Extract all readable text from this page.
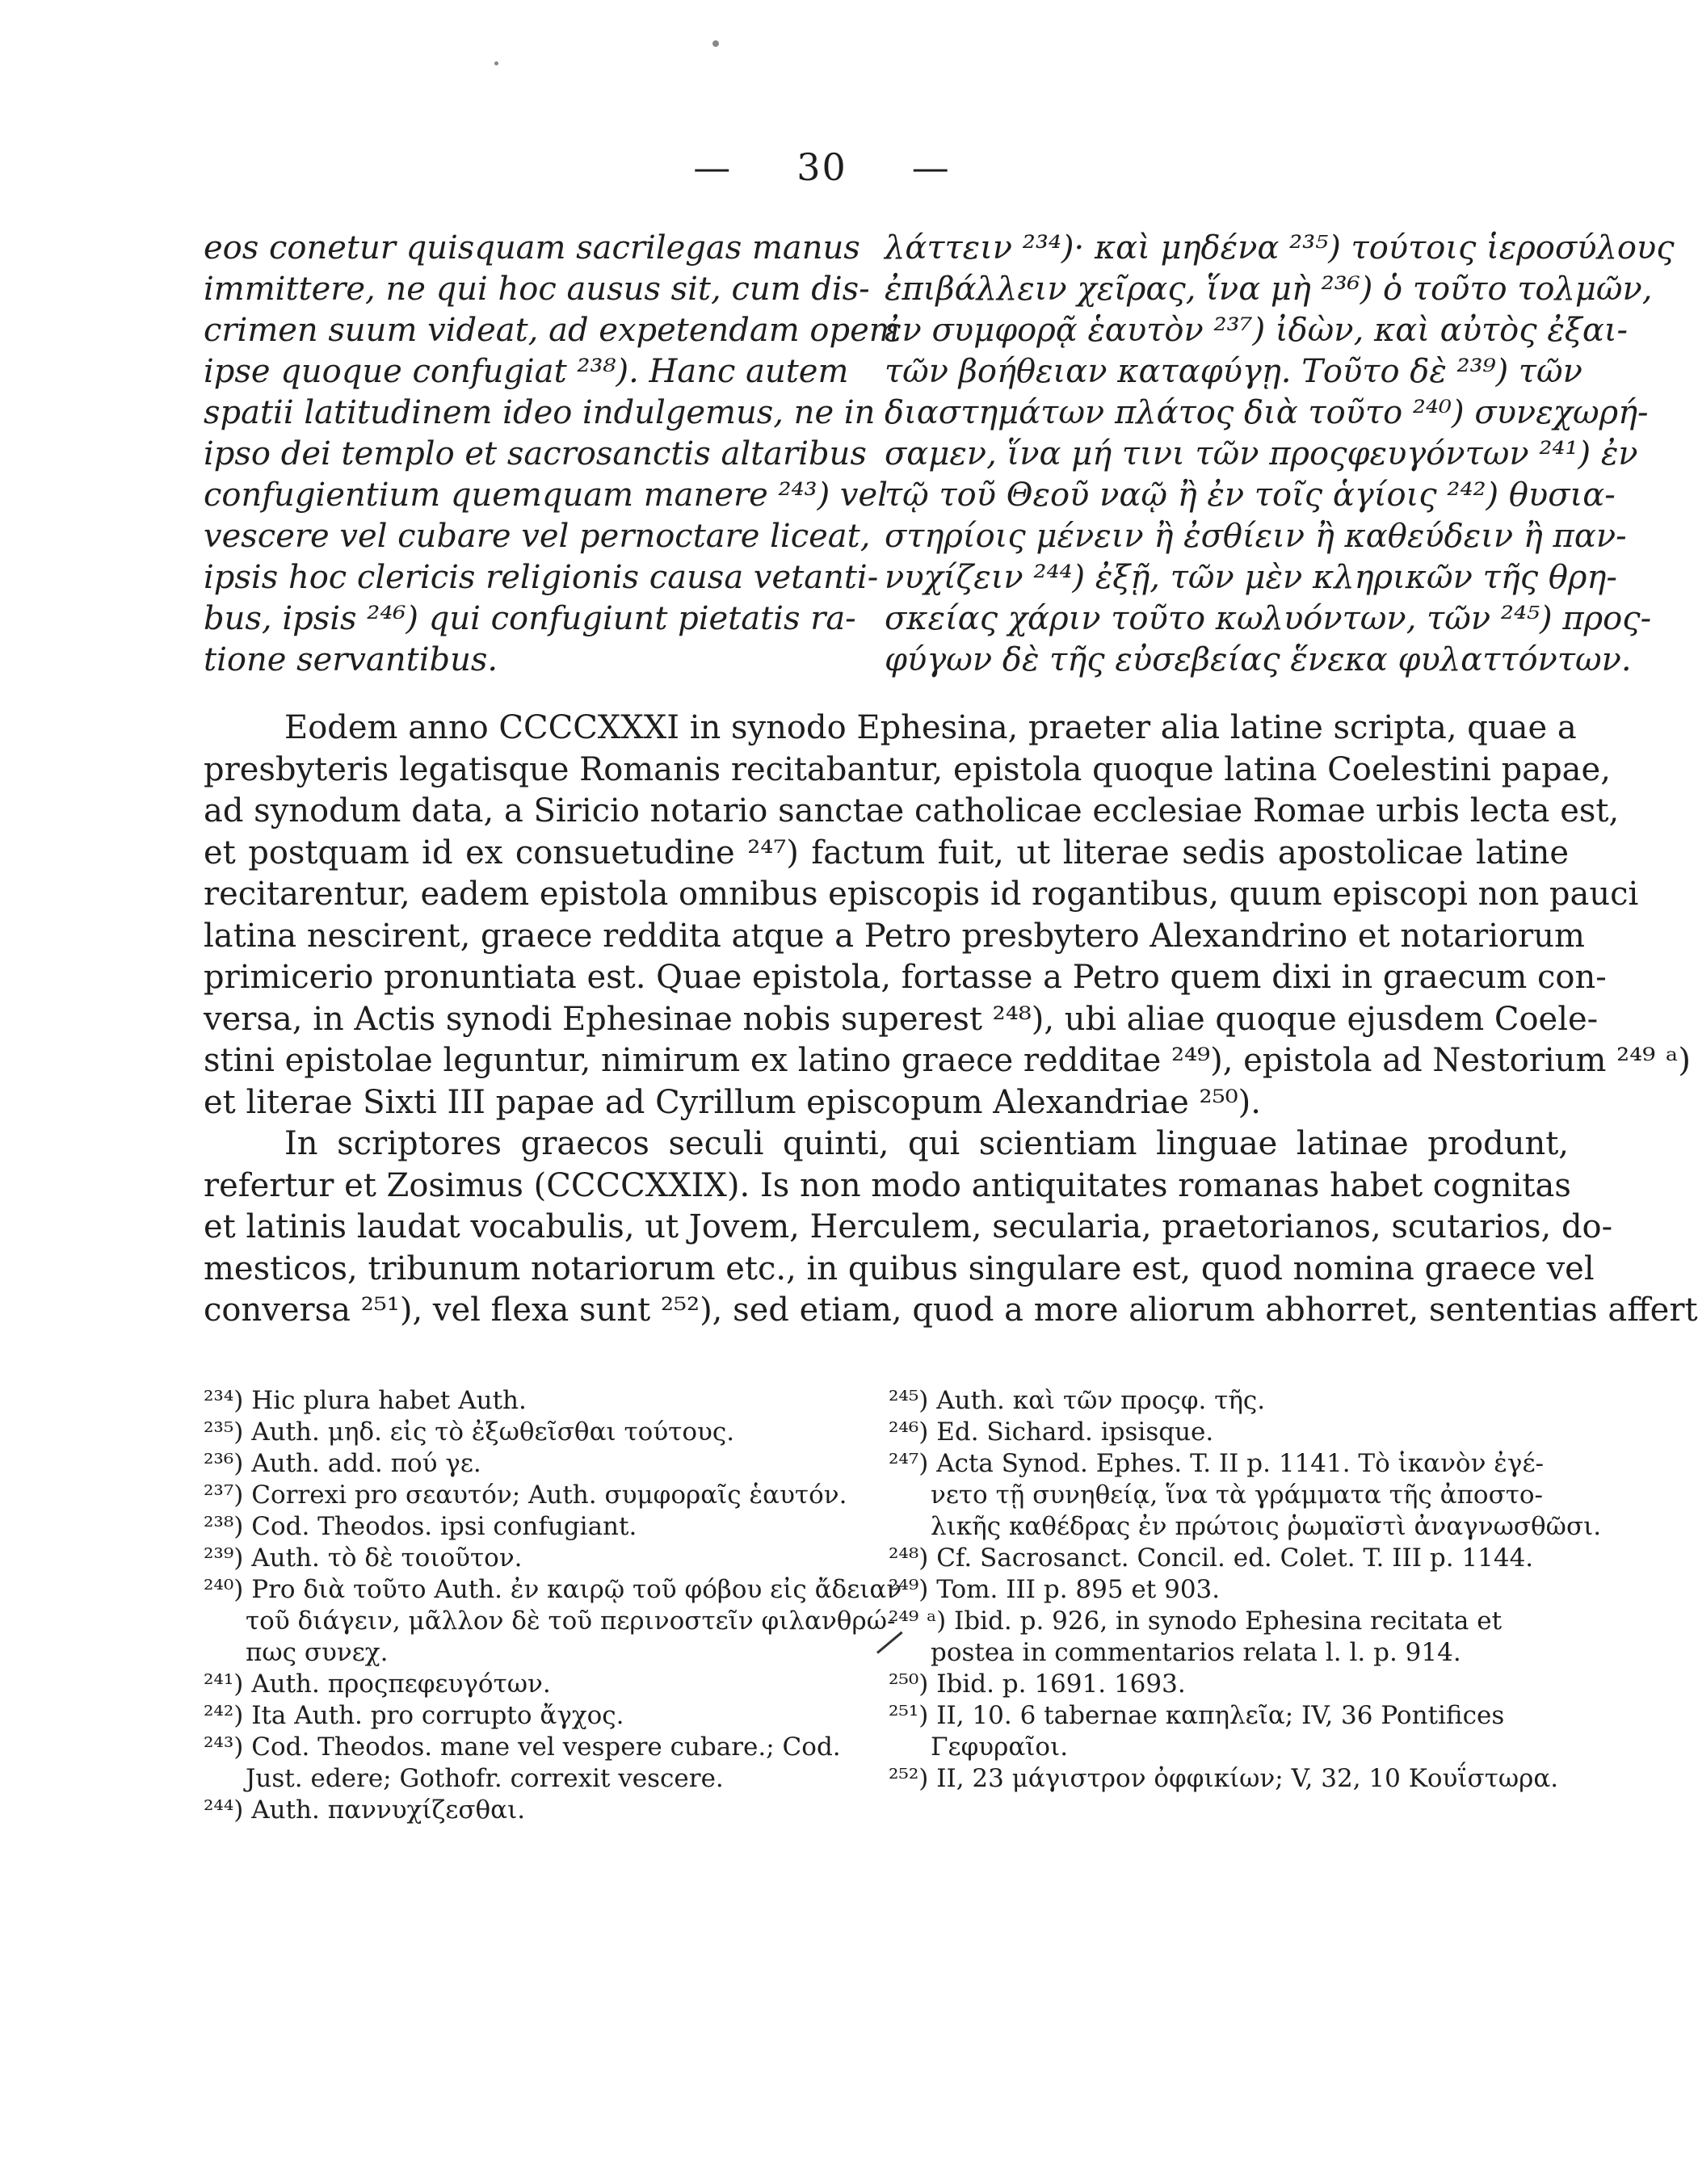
— 30 —
eos conetur quisquam sacrilegas manus
immittere, ne qui hoc ausus sit, cum dis-
crimen suum videat, ad expetendam opem
ipse quoque confugiat ²³⁸). Hanc autem
spatii latitudinem ideo indulgemus, ne in
ipso dei templo et sacrosanctis altaribus
confugientium quemquam manere ²⁴³) vel
vescere vel cubare vel pernoctare liceat,
ipsis hoc clericis religionis causa vetanti-
bus, ipsis ²⁴⁶) qui confugiunt pietatis ra-
tione servantibus.
λάττειν ²³⁴)· καὶ μηδένα ²³⁵) τούτοις ἱεροσύλους
ἐπιβάλλειν χεῖρας, ἵνα μὴ ²³⁶) ὁ τοῦτο τολμῶν,
ἐν συμφορᾷ ἑαυτὸν ²³⁷) ἰδὼν, καὶ αὐτὸς ἐξαι-
τῶν βοήθειαν καταφύγῃ. Τοῦτο δὲ ²³⁹) τῶν
διαστημάτων πλάτος διὰ τοῦτο ²⁴⁰) συνεχωρή-
σαμεν, ἵνα μή τινι τῶν προςφευγόντων ²⁴¹) ἐν
τῷ τοῦ Θεοῦ ναῷ ἢ ἐν τοῖς ἁγίοις ²⁴²) θυσια-
στηρίοις μένειν ἢ ἐσθίειν ἢ καθεύδειν ἢ παν-
νυχίζειν ²⁴⁴) ἐξῇ, τῶν μὲν κληρικῶν τῆς θρη-
σκείας χάριν τοῦτο κωλυόντων, τῶν ²⁴⁵) προς-
φύγων δὲ τῆς εὐσεβείας ἕνεκα φυλαττόντων.
Eodem anno CCCCXXXI in synodo Ephesina, praeter alia latine scripta, quae a
presbyteris legatisque Romanis recitabantur, epistola quoque latina Coelestini papae,
ad synodum data, a Siricio notario sanctae catholicae ecclesiae Romae urbis lecta est,
et postquam id ex consuetudine ²⁴⁷) factum fuit, ut literae sedis apostolicae latine
recitarentur, eadem epistola omnibus episcopis id rogantibus, quum episcopi non pauci
latina nescirent, graece reddita atque a Petro presbytero Alexandrino et notariorum
primicerio pronuntiata est. Quae epistola, fortasse a Petro quem dixi in graecum con-
versa, in Actis synodi Ephesinae nobis superest ²⁴⁸), ubi aliae quoque ejusdem Coele-
stini epistolae leguntur, nimirum ex latino graece redditae ²⁴⁹), epistola ad Nestorium ²⁴⁹ ᵃ)
et literae Sixti III papae ad Cyrillum episcopum Alexandriae ²⁵⁰).
In scriptores graecos seculi quinti, qui scientiam linguae latinae produnt,
refertur et Zosimus (CCCCXXIX). Is non modo antiquitates romanas habet cognitas
et latinis laudat vocabulis, ut Jovem, Herculem, secularia, praetorianos, scutarios, do-
mesticos, tribunum notariorum etc., in quibus singulare est, quod nomina graece vel
conversa ²⁵¹), vel flexa sunt ²⁵²), sed etiam, quod a more aliorum abhorret, sententias affert
²³⁴) Hic plura habet Auth.
²³⁵) Auth. μηδ. εἰς τὸ ἐξωθεῖσθαι τούτους.
²³⁶) Auth. add. πού γε.
²³⁷) Correxi pro σεαυτόν; Auth. συμφοραῖς ἑαυτόν.
²³⁸) Cod. Theodos. ipsi confugiant.
²³⁹) Auth. τὸ δὲ τοιοῦτον.
²⁴⁰) Pro διὰ τοῦτο Auth. ἐν καιρῷ τοῦ φόβου εἰς ἄδειαν
τοῦ διάγειν, μᾶλλον δὲ τοῦ περινοστεῖν φιλανθρώ-
πως συνεχ.
²⁴¹) Auth. προςπεφευγότων.
²⁴²) Ita Auth. pro corrupto ἄγχος.
²⁴³) Cod. Theodos. mane vel vespere cubare.; Cod.
Just. edere; Gothofr. correxit vescere.
²⁴⁴) Auth. παννυχίζεσθαι.
²⁴⁵) Auth. καὶ τῶν προςφ. τῆς.
²⁴⁶) Ed. Sichard. ipsisque.
²⁴⁷) Acta Synod. Ephes. T. II p. 1141. Τὸ ἱκανὸν ἐγέ-
νετο τῇ συνηθείᾳ, ἵνα τὰ γράμματα τῆς ἀποστο-
λικῆς καθέδρας ἐν πρώτοις ῥωμαϊστὶ ἀναγνωσθῶσι.
²⁴⁸) Cf. Sacrosanct. Concil. ed. Colet. T. III p. 1144.
²⁴⁹) Tom. III p. 895 et 903.
²⁴⁹ ᵃ) Ibid. p. 926, in synodo Ephesina recitata et
postea in commentarios relata l. l. p. 914.
²⁵⁰) Ibid. p. 1691. 1693.
²⁵¹) II, 10. 6 tabernae καπηλεῖα; IV, 36 Pontifices
Γεφυραῖοι.
²⁵²) II, 23 μάγιστρον ὀφφικίων; V, 32, 10 Κουΐστωρα.
